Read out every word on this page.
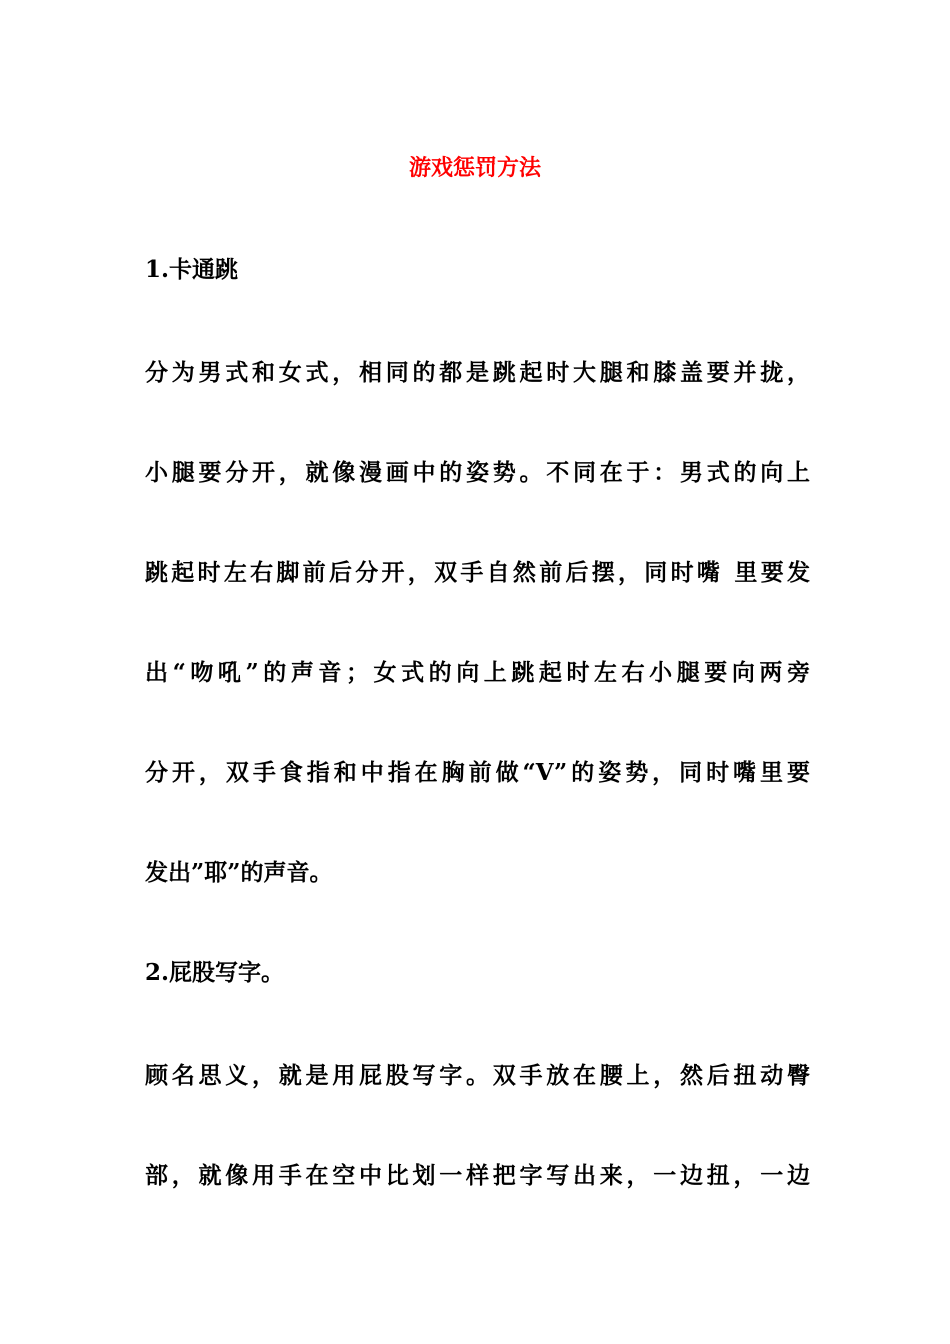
游戏惩罚方法
1.卡通跳
分为男式和女式，相同的都是跳起时大腿和膝盖要并拢，
小腿要分开，就像漫画中的姿势。不同在于：男式的向上
跳起时左右脚前后分开，双手自然前后摆，同时嘴 里要发
出“吻吼”的声音；女式的向上跳起时左右小腿要向两旁
分开，双手食指和中指在胸前做“V”的姿势，同时嘴里要
发出”耶”的声音。
2.屁股写字。
顾名思义，就是用屁股写字。双手放在腰上，然后扭动臀
部，就像用手在空中比划一样把字写出来，一边扭，一边
